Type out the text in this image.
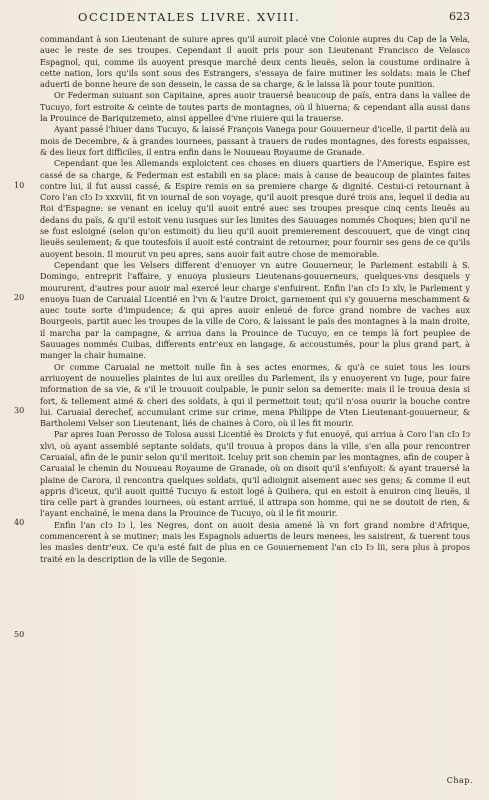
OCCIDENTALES LIVRE. XVIII.	623
10
20
30
40
50

commandant à son Lieutenant de suiure apres qu'il auroit placé vne Colonie aupres du Cap de la Vela, auec le reste de ses troupes. Cependant il auoit pris pour son Lieutenant Francisco de Velasco Espagnol, qui, comme ils auoyent presque marché deux cents lieuës, selon la coustume ordinaire à cette nation, lors qu'ils sont sous des Estrangers, s'essaya de faire mutiner les soldats: mais le Chef aduerti de bonne heure de son dessein, le cassa de sa charge, & le laissa là pour toute punition.

Or Federman suiuant son Capitaine, apres auoir trauersé beaucoup de païs, entra dans la vallee de Tucuyo, fort estroite & ceinte de toutes parts de montagnes, où il hiuerna; & cependant alla aussi dans la Prouince de Bariquizemeto, ainsi appellee d'vne riuiere qui la trauerse.

Ayant passé l'hiuer dans Tucuyo, & laissé François Vanega pour Gouuerneur d'icelle, il partit delà au mois de Decembre, & à grandes iournees, passant à trauers de rudes montagnes, des forests espaisses, & des lieux fort difficiles, il entra enfin dans le Nouueau Royaume de Granade.

Cependant que les Allemands exploictent ces choses en diuers quartiers de l'Amerique, Espire est cassé de sa charge, & Federman est estabili en sa place: mais à cause de beaucoup de plaintes faites contre lui, il fut aussi cassé, & Espire remis en sa premiere charge & dignité. Cestui-ci retournant à Coro l'an cIↄ Iↄ xxxviii, fit vn iournal de son voyage, qu'il auoit presque duré trois ans, lequel il dedia au Roi d'Espagne: se venant en iceluy qu'il auoit entré auec ses troupes presque cinq cents lieuës au dedans du païs, & qu'il estoit venu iusques sur les limites des Sauuages nommés Choques; bien qu'il ne se fust esloigné (selon qu'on estimoit) du lieu qu'il auoit premierement descouuert, que de vingt cinq lieuës seulement; & que toutesfois il auoit esté contraint de retourner, pour fournir ses gens de ce qu'ils auoyent besoin. Il mourut vn peu apres, sans auoir fait autre chose de memorable.

Cependant que les Velsers different d'enuoyer vn autre Gouuerneur, le Parlement estabili à S. Domingo, entreprit l'affaire, y enuoya plusieurs Lieutenans-gouuerneurs, quelques-vns desquels y moururent, d'autres pour auoir mal exercé leur charge s'enfuirent. Enfin l'an cIↄ Iↄ xlv, le Parlement y enuoya Iuan de Caruaial Licentié en l'vn & l'autre Droict, garnement qui s'y gouuerna meschamment & auec toute sorte d'impudence; & qui apres auoir enleué de force grand nombre de vaches aux Bourgeois, partit auec les troupes de la ville de Coro, & laissant le païs des montagnes à la main droite, il marcha par la campagne, & arriua dans la Prouince de Tucuyo, en ce temps là fort peuplee de Sauuages nommés Cuibas, differents entr'eux en langage, & accoustumés, pour la plus grand part, à manger la chair humaine.

Or comme Caruaial ne mettoit nulle fin à ses actes enormes, & qu'à ce suiet tous les iours arriuoyent de nouuelles plaintes de lui aux oreilles du Parlement, ils y enuoyerent vn Iuge, pour faire information de sa vie, & s'il le trouuoit coulpable, le punir selon sa demerite: mais il le trouua desia si fort, & tellement aimé & cheri des soldats, à qui il permettoit tout; qu'il n'osa ouurir la bouche contre lui. Caruaial derechef, accumulant crime sur crime, mena Philippe de Vten Lieutenant-gouuerneur, & Bartholemi Velser son Lieutenant, liés de chaines à Coro, où il les fit mourir.

Par apres Iuan Perosso de Tolosa aussi Licentié ès Droicts y fut enuoyé, qui arriua à Coro l'an cIↄ Iↄ xlvi, où ayant assemblé septante soldats, qu'il trouua à propos dans la ville, s'en alla pour rencontrer Caruaial, afin de le punir selon qu'il meritoit. Iceluy prit son chemin par les montagnes, afin de couper à Caruaial le chemin du Nouueau Royaume de Granade, où on disoit qu'il s'enfuyoit: & ayant trauersé la plaine de Carora, il rencontra quelques soldats, qu'il adioignit aisement auec ses gens; & comme il eut appris d'iceux, qu'il auoit quitté Tucuyo & estoit logé à Quibera, qui en estoit à enuiron cinq lieuës, il tira celle part à grandes iournees, où estant arriué, il attrapa son homme, qui ne se doutoit de rien, & l'ayant enchainé, le mena dans la Prouince de Tucuyo, où il le fit mourir.

Enfin l'an cIↄ Iↄ l, les Negres, dont on auoit desia amené là vn fort grand nombre d'Afrique, commencerent à se mutiner; mais les Espagnols aduertis de leurs menees, les saisirent, & tuerent tous les masles dentr'eux. Ce qu'a esté fait de plus en ce Gouuernement l'an cIↄ Iↄ lii, sera plus à propos traité en la description de la ville de Segonie.

Chap.
